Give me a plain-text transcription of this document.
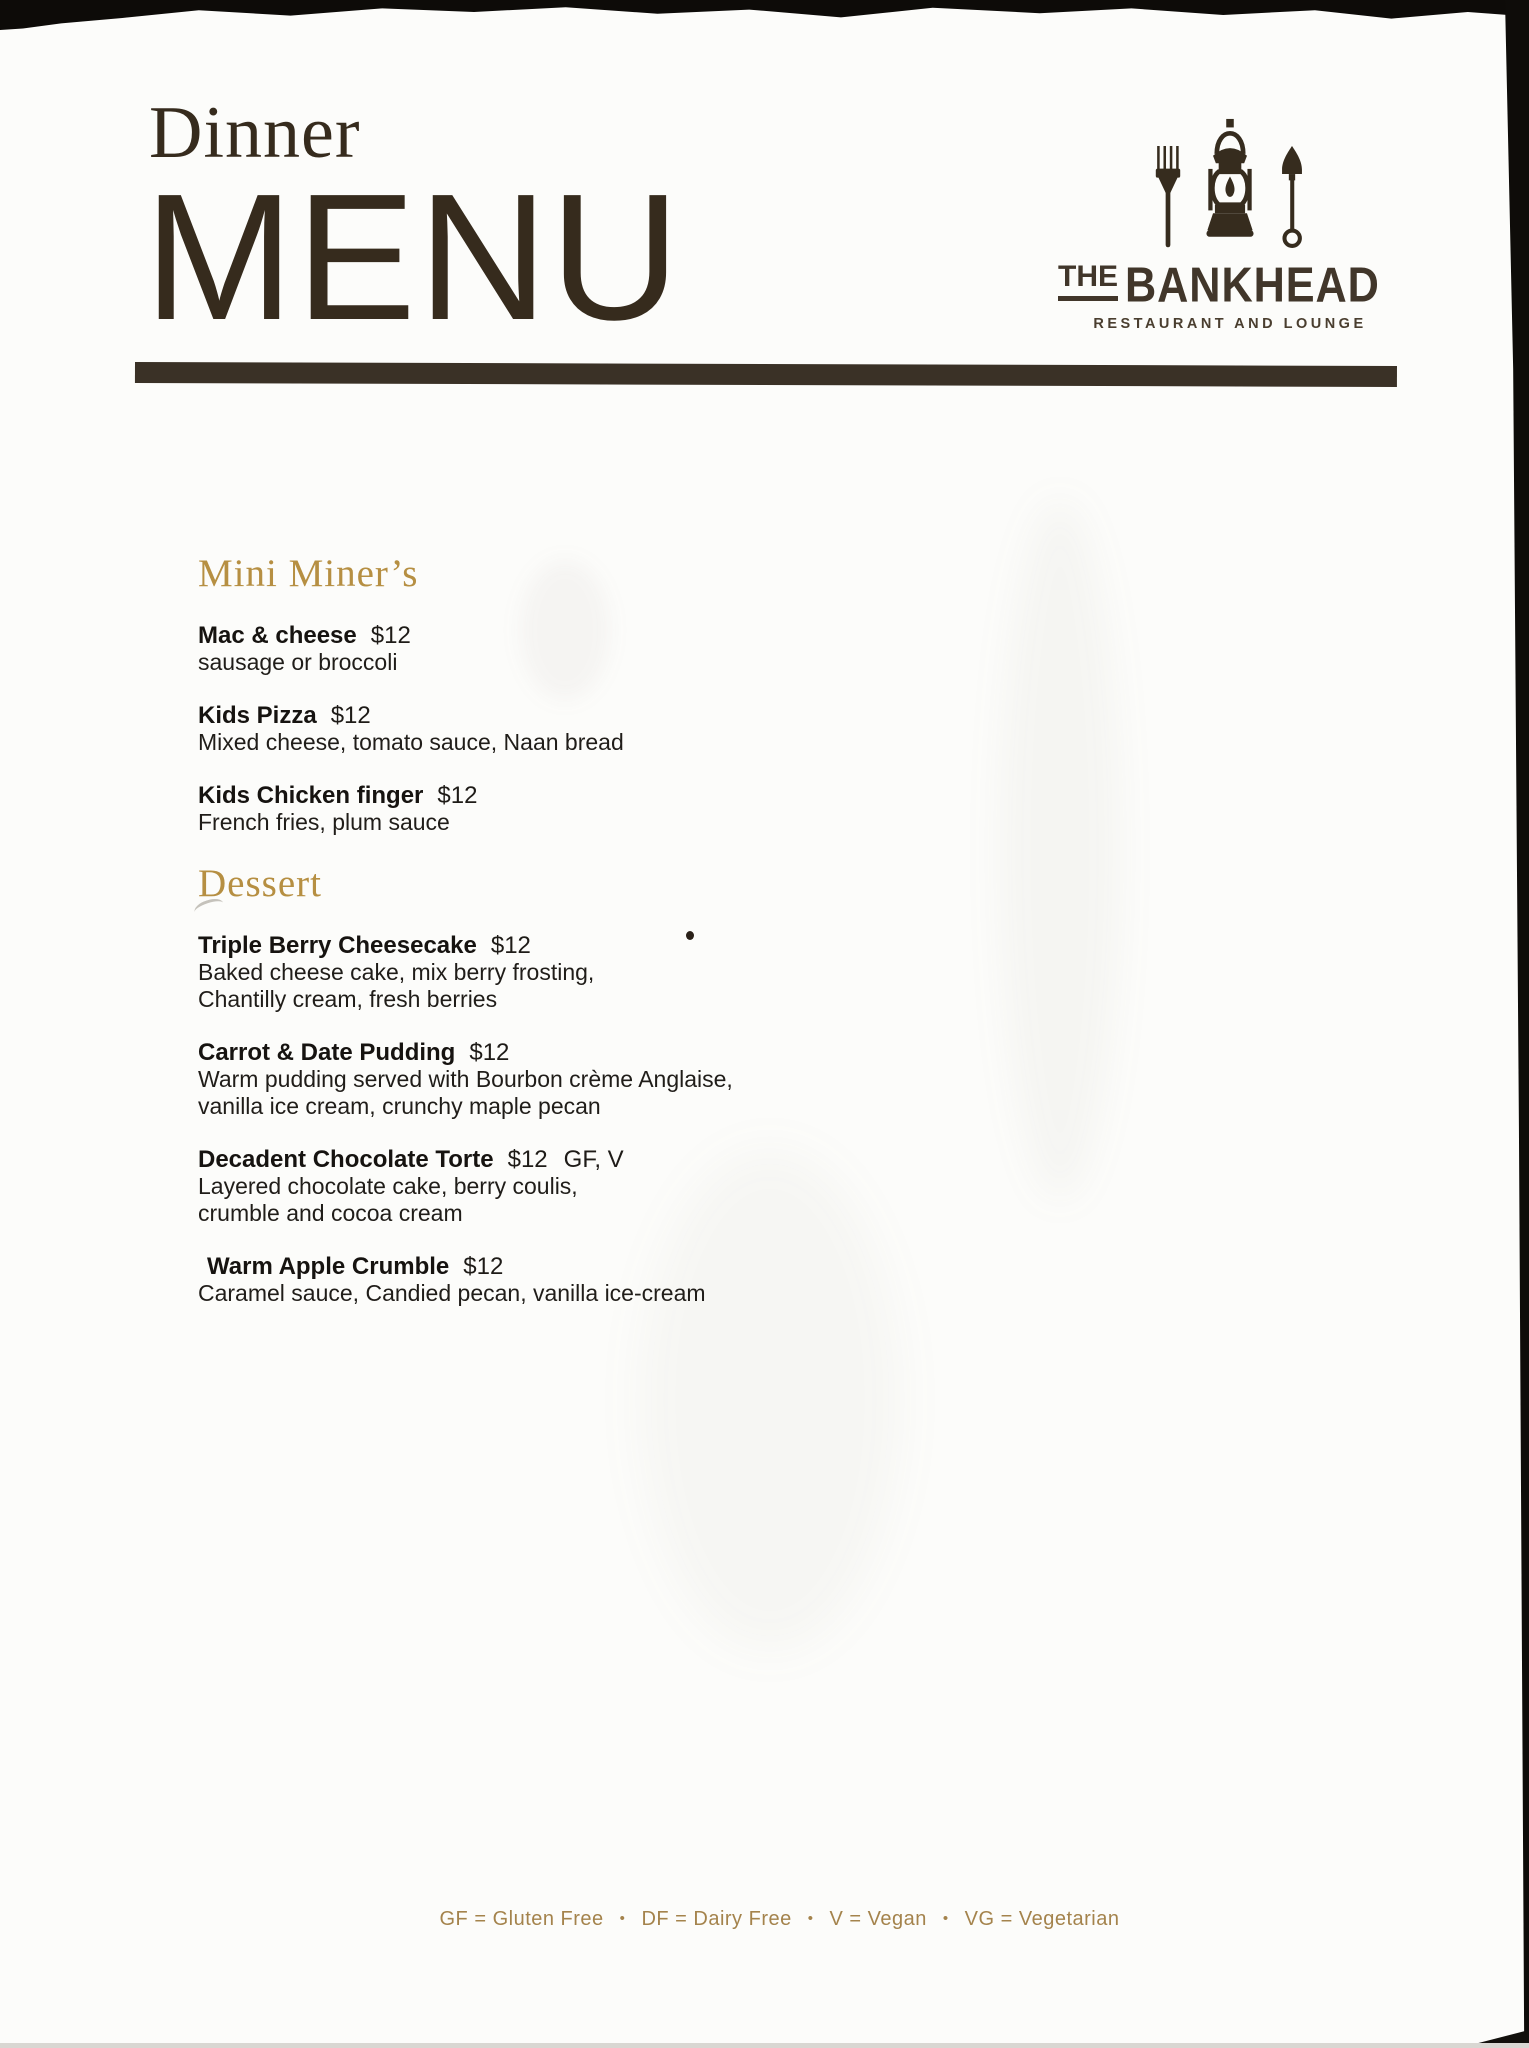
Dinner
MENU	THE BANKHEAD
RESTAURANT AND LOUNGE
Mini Miner’s
Mac & cheese $12
sausage or broccoli
Kids Pizza $12
Mixed cheese, tomato sauce, Naan bread
Kids Chicken finger $12
French fries, plum sauce
Dessert
Triple Berry Cheesecake $12
Baked cheese cake, mix berry frosting,
Chantilly cream, fresh berries
Carrot & Date Pudding $12
Warm pudding served with Bourbon crème Anglaise,
vanilla ice cream, crunchy maple pecan
Decadent Chocolate Torte $12 GF, V
Layered chocolate cake, berry coulis,
crumble and cocoa cream
Warm Apple Crumble $12
Caramel sauce, Candied pecan, vanilla ice-cream
GF = Gluten Free • DF = Dairy Free • V = Vegan • VG = Vegetarian
